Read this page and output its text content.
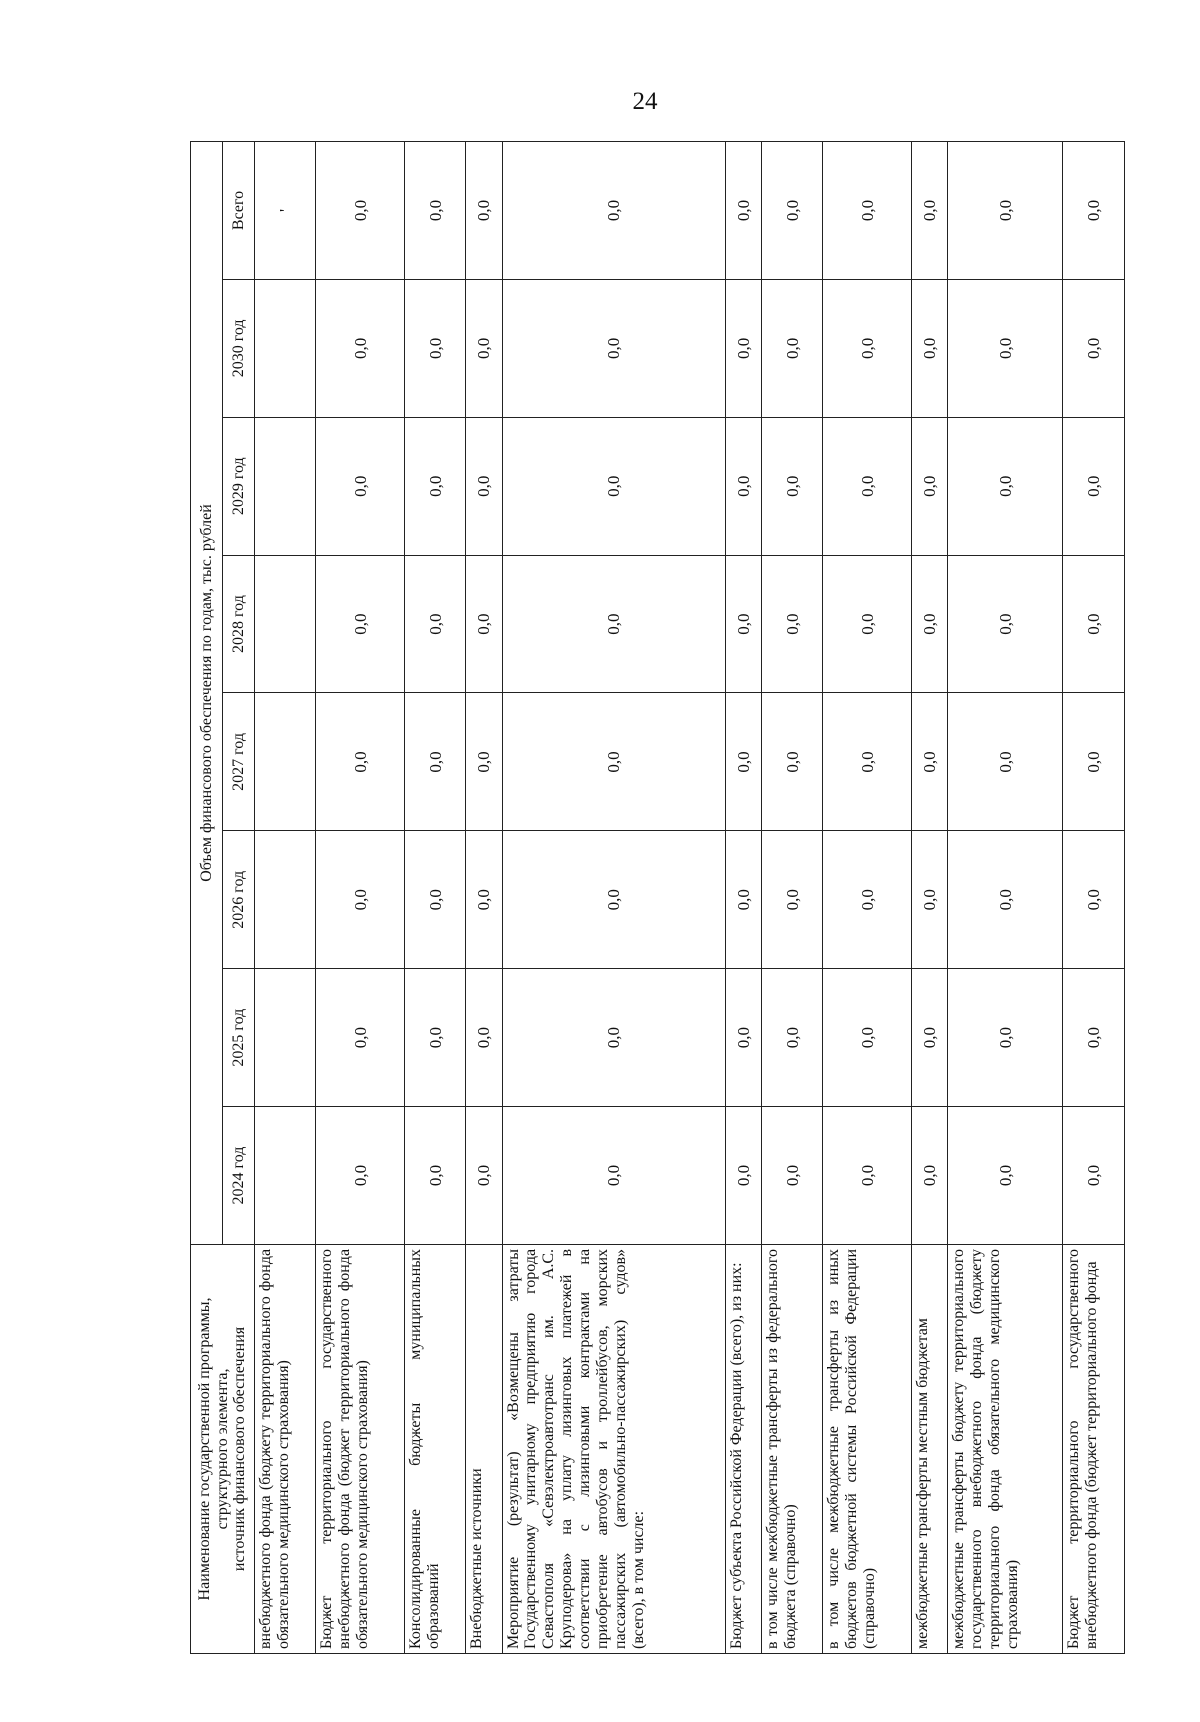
24
Наименование государственной программы,
структурного элемента,
источник финансового обеспечения	Объем финансового обеспечения по годам, тыс. рублей							
	2024 год	2025 год	2026 год	2027 год	2028 год	2029 год	2030 год	Всего
внебюджетного фонда (бюджету территориального фонда обязательного медицинского страхования)								'
Бюджет территориального государственного внебюджетного фонда (бюджет территориального фонда обязательного медицинского страхования)	0,0	0,0	0,0	0,0	0,0	0,0	0,0	0,0
Консолидированные бюджеты муниципальных образований	0,0	0,0	0,0	0,0	0,0	0,0	0,0	0,0
Внебюджетные источники	0,0	0,0	0,0	0,0	0,0	0,0	0,0	0,0
Мероприятие (результат) «Возмещены затраты Государственному унитарному предприятию города Севастополя «Севэлектроавтотранс им. А.С. Круподерова» на уплату лизинговых платежей в соответствии с лизинговыми контрактами на приобретение автобусов и троллейбусов, морских пассажирских (автомобильно-пассажирских) судов» (всего), в том числе:	0,0	0,0	0,0	0,0	0,0	0,0	0,0	0,0
Бюджет субъекта Российской Федерации (всего), из них:	0,0	0,0	0,0	0,0	0,0	0,0	0,0	0,0
в том числе межбюджетные трансферты из федерального бюджета (справочно)	0,0	0,0	0,0	0,0	0,0	0,0	0,0	0,0
в том числе межбюджетные трансферты из иных бюджетов бюджетной системы Российской Федерации (справочно)	0,0	0,0	0,0	0,0	0,0	0,0	0,0	0,0
межбюджетные трансферты местным бюджетам	0,0	0,0	0,0	0,0	0,0	0,0	0,0	0,0
межбюджетные трансферты бюджету территориального государственного внебюджетного фонда (бюджету территориального фонда обязательного медицинского страхования)	0,0	0,0	0,0	0,0	0,0	0,0	0,0	0,0
Бюджет территориального государственного внебюджетного фонда (бюджет территориального фонда	0,0	0,0	0,0	0,0	0,0	0,0	0,0	0,0
